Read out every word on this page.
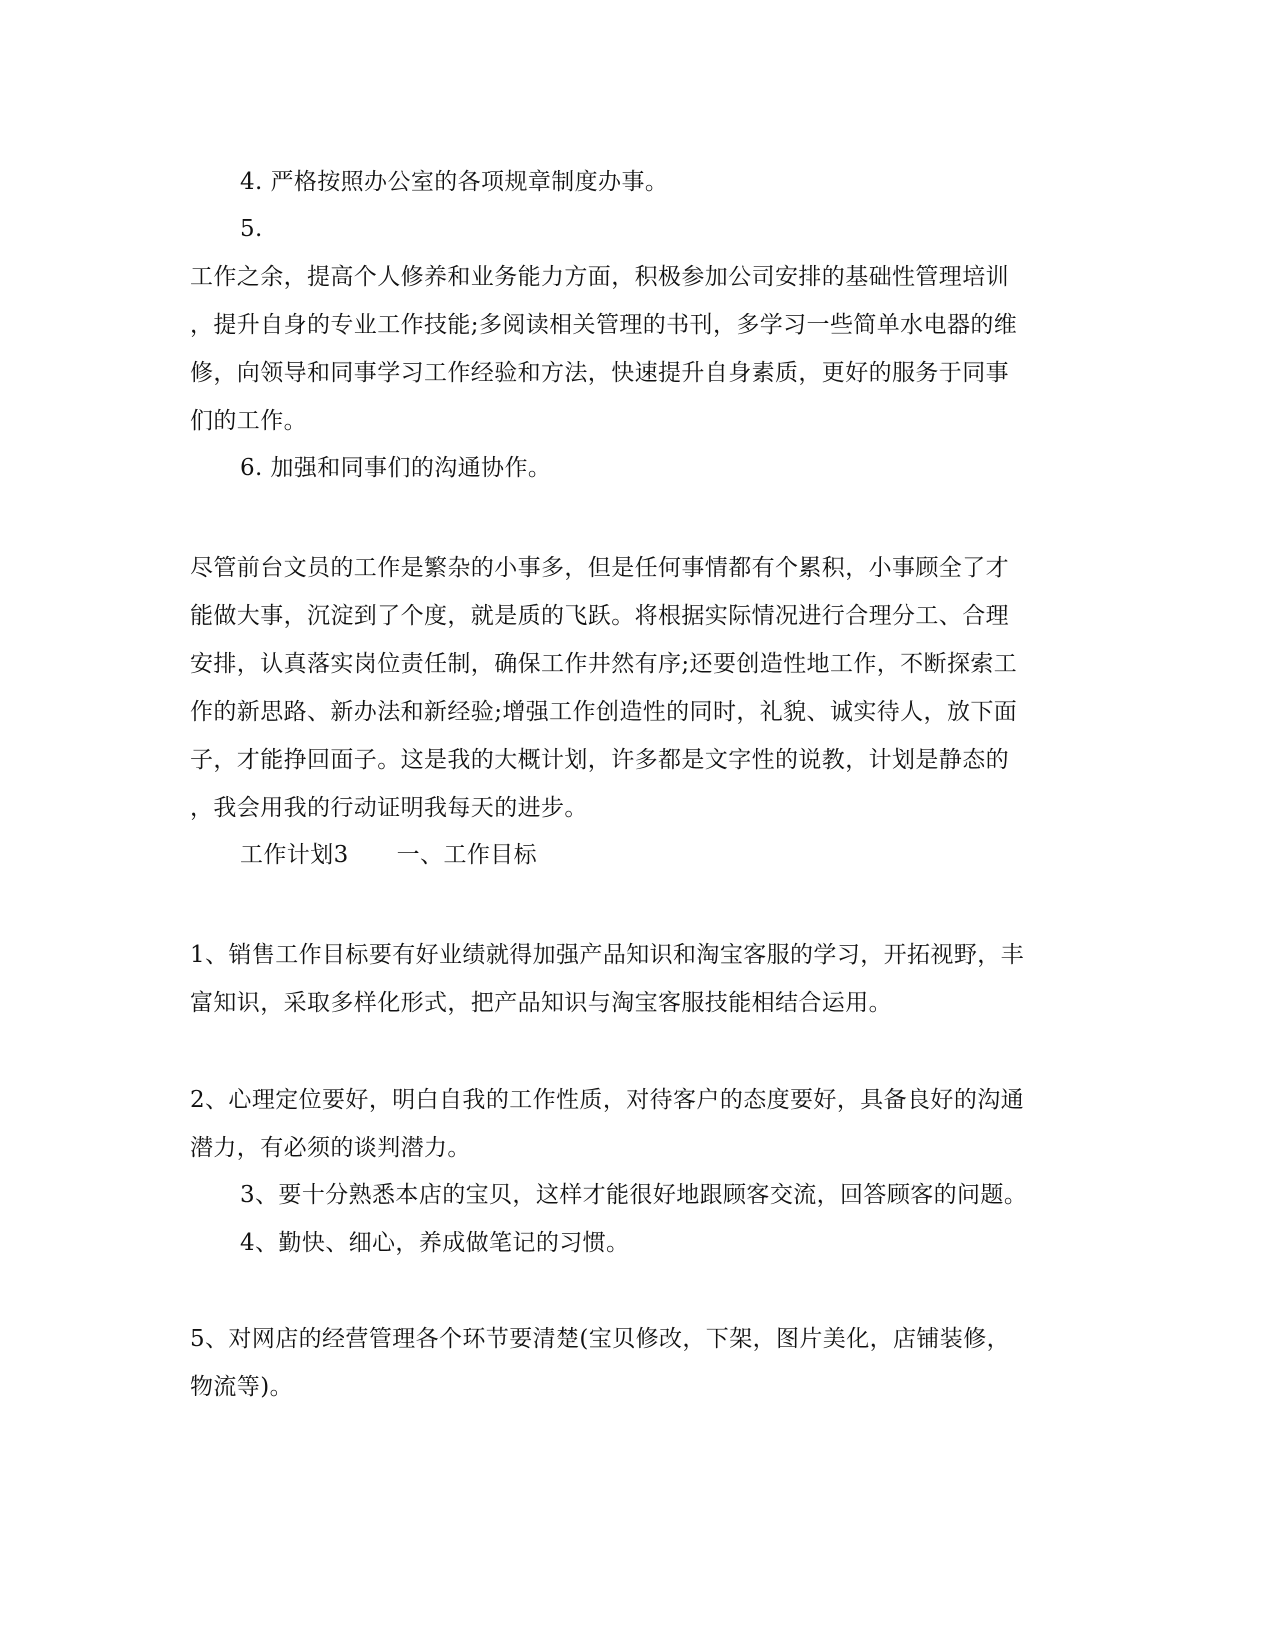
4. 严格按照办公室的各项规章制度办事。
5.
工作之余，提高个人修养和业务能力方面，积极参加公司安排的基础性管理培训
，提升自身的专业工作技能;多阅读相关管理的书刊，多学习一些简单水电器的维
修，向领导和同事学习工作经验和方法，快速提升自身素质，更好的服务于同事
们的工作。
6. 加强和同事们的沟通协作。
尽管前台文员的工作是繁杂的小事多，但是任何事情都有个累积，小事顾全了才
能做大事，沉淀到了个度，就是质的飞跃。将根据实际情况进行合理分工、合理
安排，认真落实岗位责任制，确保工作井然有序;还要创造性地工作，不断探索工
作的新思路、新办法和新经验;增强工作创造性的同时，礼貌、诚实待人，放下面
子，才能挣回面子。这是我的大概计划，许多都是文字性的说教，计划是静态的
，我会用我的行动证明我每天的进步。
工作计划3 一、工作目标
1、销售工作目标要有好业绩就得加强产品知识和淘宝客服的学习，开拓视野，丰
富知识，采取多样化形式，把产品知识与淘宝客服技能相结合运用。
2、心理定位要好，明白自我的工作性质，对待客户的态度要好，具备良好的沟通
潜力，有必须的谈判潜力。
3、要十分熟悉本店的宝贝，这样才能很好地跟顾客交流，回答顾客的问题。
4、勤快、细心，养成做笔记的习惯。
5、对网店的经营管理各个环节要清楚(宝贝修改，下架，图片美化，店铺装修，
物流等)。
